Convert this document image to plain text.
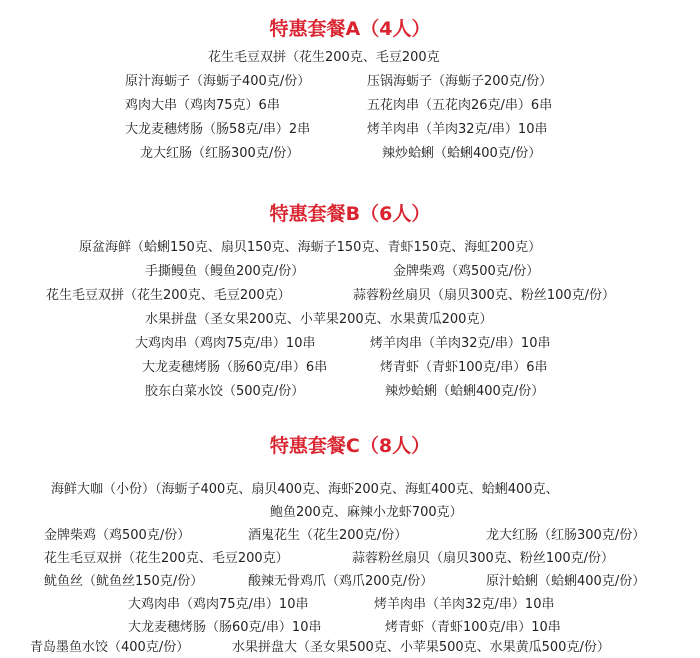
特惠套餐A（4人）
花生毛豆双拼（花生200克、毛豆200克
原汁海蛎子（海蛎子400克/份）	压锅海蛎子（海蛎子200克/份）
鸡肉大串（鸡肉75克）6串	五花肉串（五花肉26克/串）6串
大龙麦穗烤肠（肠58克/串）2串	烤羊肉串（羊肉32克/串）10串
龙大红肠（红肠300克/份）	辣炒蛤蜊（蛤蜊400克/份）
特惠套餐B（6人）
原盆海鲜（蛤蜊150克、扇贝150克、海蛎子150克、青虾150克、海虹200克）
手撕鳗鱼（鳗鱼200克/份）	金牌柴鸡（鸡500克/份）
花生毛豆双拼（花生200克、毛豆200克）	蒜蓉粉丝扇贝（扇贝300克、粉丝100克/份）
水果拼盘（圣女果200克、小苹果200克、水果黄瓜200克）
大鸡肉串（鸡肉75克/串）10串	烤羊肉串（羊肉32克/串）10串
大龙麦穗烤肠（肠60克/串）6串	烤青虾（青虾100克/串）6串
胶东白菜水饺（500克/份）	辣炒蛤蜊（蛤蜊400克/份）
特惠套餐C（8人）
海鲜大咖（小份）（海蛎子400克、扇贝400克、海虾200克、海虹400克、蛤蜊400克、
鲍鱼200克、麻辣小龙虾700克）
金牌柴鸡（鸡500克/份）	酒鬼花生（花生200克/份）	龙大红肠（红肠300克/份）
花生毛豆双拼（花生200克、毛豆200克）	蒜蓉粉丝扇贝（扇贝300克、粉丝100克/份）
鱿鱼丝（鱿鱼丝150克/份）	酸辣无骨鸡爪（鸡爪200克/份）	原汁蛤蜊（蛤蜊400克/份）
大鸡肉串（鸡肉75克/串）10串	烤羊肉串（羊肉32克/串）10串
大龙麦穗烤肠（肠60克/串）10串	烤青虾（青虾100克/串）10串
青岛墨鱼水饺（400克/份）	水果拼盘大（圣女果500克、小苹果500克、水果黄瓜500克/份）
